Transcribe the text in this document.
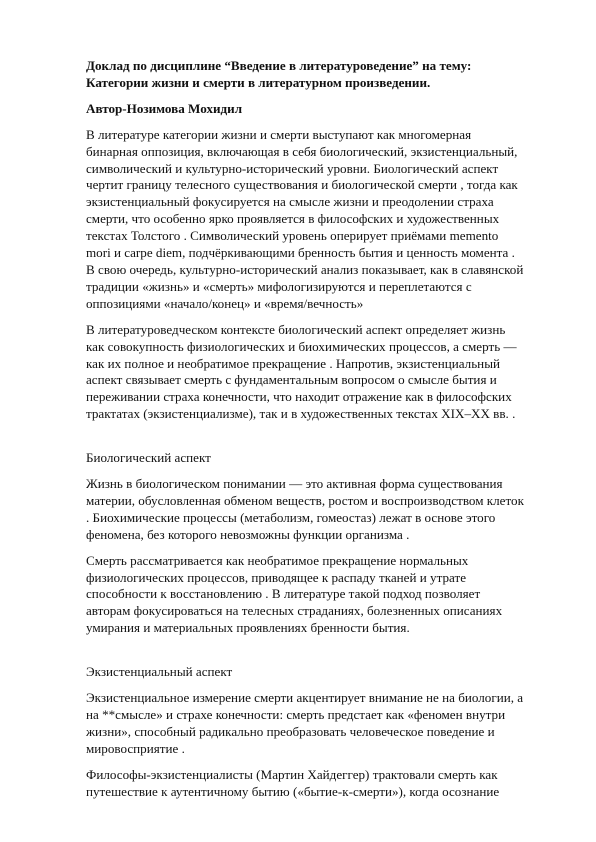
Доклад по дисциплине “Введение в литературоведение” на тему:
Категории жизни и смерти в литературном произведении.
Автор-Нозимова Мохидил

В литературе категории жизни и смерти выступают как многомерная бинарная оппозиция, включающая в себя биологический, экзистенциальный, символический и культурно-исторический уровни. Биологический аспект чертит границу телесного существования и биологической смерти , тогда как экзистенциальный фокусируется на смысле жизни и преодолении страха смерти, что особенно ярко проявляется в философских и художественных текстах Толстого . Символический уровень оперирует приёмами memento mori и carpe diem, подчёркивающими бренность бытия и ценность момента . В свою очередь, культурно-исторический анализ показывает, как в славянской традиции «жизнь» и «смерть» мифологизируются и переплетаются с оппозициями «начало/конец» и «время/вечность»

В литературоведческом контексте биологический аспект определяет жизнь как совокупность физиологических и биохимических процессов, а смерть — как их полное и необратимое прекращение . Напротив, экзистенциальный аспект связывает смерть с фундаментальным вопросом о смысле бытия и переживании страха конечности, что находит отражение как в философских трактатах (экзистенциализме), так и в художественных текстах XIX–XX вв. .

Биологический аспект

Жизнь в биологическом понимании — это активная форма существования материи, обусловленная обменом веществ, ростом и воспроизводством клеток . Биохимические процессы (метаболизм, гомеостаз) лежат в основе этого феномена, без которого невозможны функции организма .

Смерть рассматривается как необратимое прекращение нормальных физиологических процессов, приводящее к распаду тканей и утрате способности к восстановлению . В литературе такой подход позволяет авторам фокусироваться на телесных страданиях, болезненных описаниях умирания и материальных проявлениях бренности бытия.

Экзистенциальный аспект

Экзистенциальное измерение смерти акцентирует внимание не на биологии, а на **смысле» и страхе конечности: смерть предстает как «феномен внутри жизни», способный радикально преобразовать человеческое поведение и мировосприятие .

Философы-экзистенциалисты (Мартин Хайдеггер) трактовали смерть как путешествие к аутентичному бытию («бытие-к-смерти»), когда осознание
